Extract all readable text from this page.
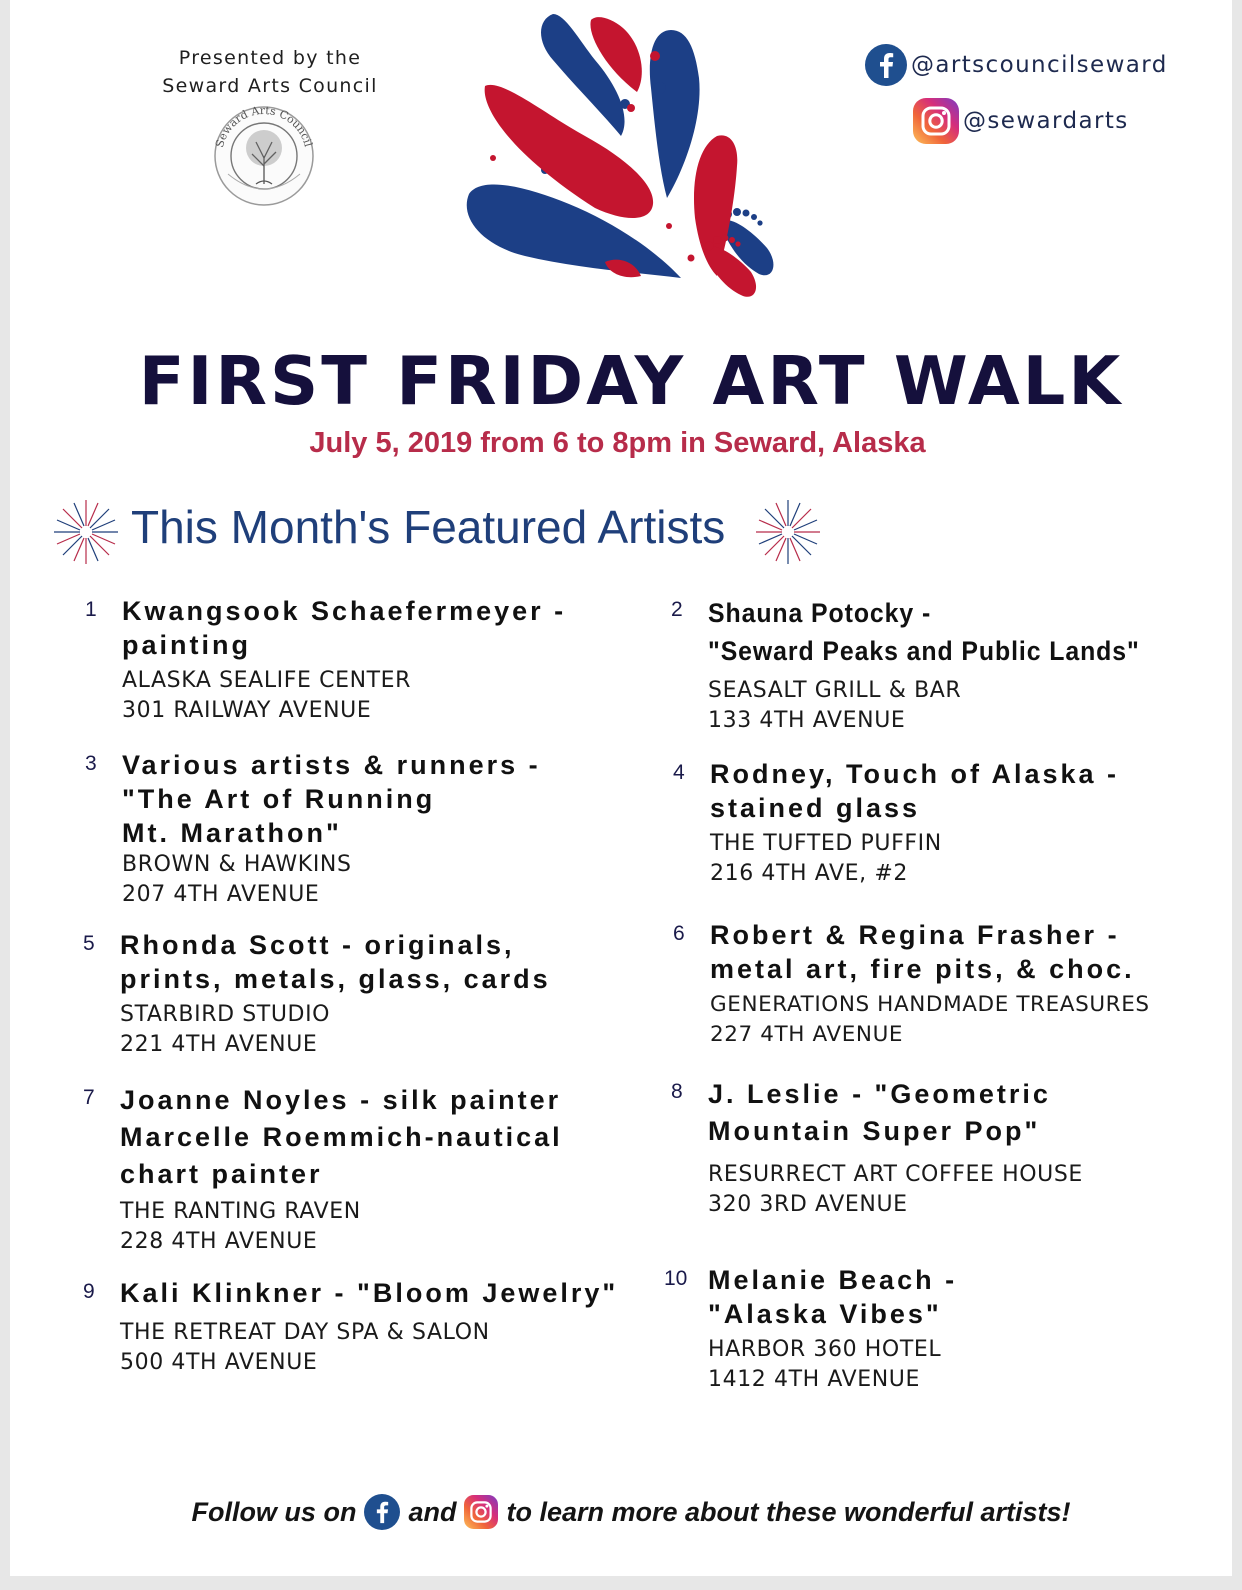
Presented by the
Seward Arts Council
Seward Arts Council
@artscouncilseward
@sewardarts
FIRST FRIDAY ART WALK
July 5, 2019 from 6 to 8pm in Seward, Alaska
This Month's Featured Artists
1 Kwangsook Schaefermeyer -
painting
ALASKA SEALIFE CENTER
301 RAILWAY AVENUE
3 Various artists & runners -
"The Art of Running
Mt. Marathon"
BROWN & HAWKINS
207 4TH AVENUE
5 Rhonda Scott - originals,
prints, metals, glass, cards
STARBIRD STUDIO
221 4TH AVENUE
7 Joanne Noyles - silk painter
Marcelle Roemmich-nautical
chart painter
THE RANTING RAVEN
228 4TH AVENUE
9 Kali Klinkner - "Bloom Jewelry"
THE RETREAT DAY SPA & SALON
500 4TH AVENUE
2 Shauna Potocky -
"Seward Peaks and Public Lands"
SEASALT GRILL & BAR
133 4TH AVENUE
4 Rodney, Touch of Alaska -
stained glass
THE TUFTED PUFFIN
216 4TH AVE, #2
6 Robert & Regina Frasher -
metal art, fire pits, & choc.
GENERATIONS HANDMADE TREASURES
227 4TH AVENUE
8 J. Leslie - "Geometric
Mountain Super Pop"
RESURRECT ART COFFEE HOUSE
320 3RD AVENUE
10 Melanie Beach -
"Alaska Vibes"
HARBOR 360 HOTEL
1412 4TH AVENUE
Follow us on and to learn more about these wonderful artists!
